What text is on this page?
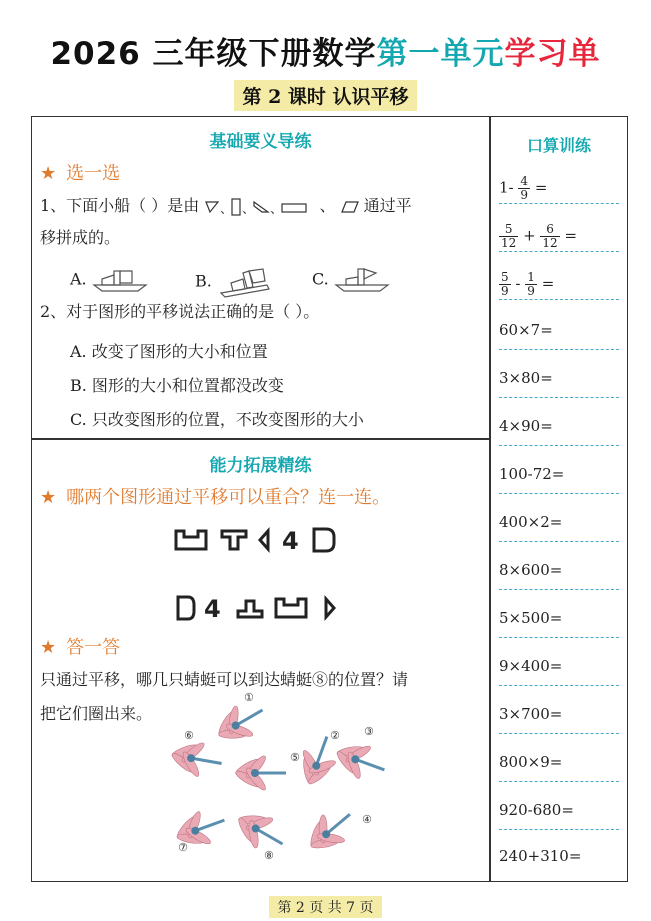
2026 三年级下册数学第一单元学习单
第 2 课时 认识平移
基础要义导练
★ 选一选
1、下面小船（ ）是由 、 、 、 、 通过平
移拼成的。
A.	B.	C.
2、对于图形的平移说法正确的是（ ）。
A. 改变了图形的大小和位置
B. 图形的大小和位置都没改变
C. 只改变图形的位置，不改变图形的大小
能力拓展精练
★ 哪两个图形通过平移可以重合？连一连。
4
4
★ 答一答
只通过平移，哪几只蜻蜓可以到达蜻蜓⑧的位置？请
把它们圈出来。
①
⑥
⑤
② ③
⑦
⑧
④
口算训练
$1- \frac{4}{9}$ =
$\frac{5}{12} + \frac{6}{12}$ =
$\frac{5}{9} - \frac{1}{9}$ =
60×7=
3×80=
4×90=
100-72=
400×2=
8×600=
5×500=
9×400=
3×700=
800×9=
920-680=
240+310=
第 2 页 共 7 页
